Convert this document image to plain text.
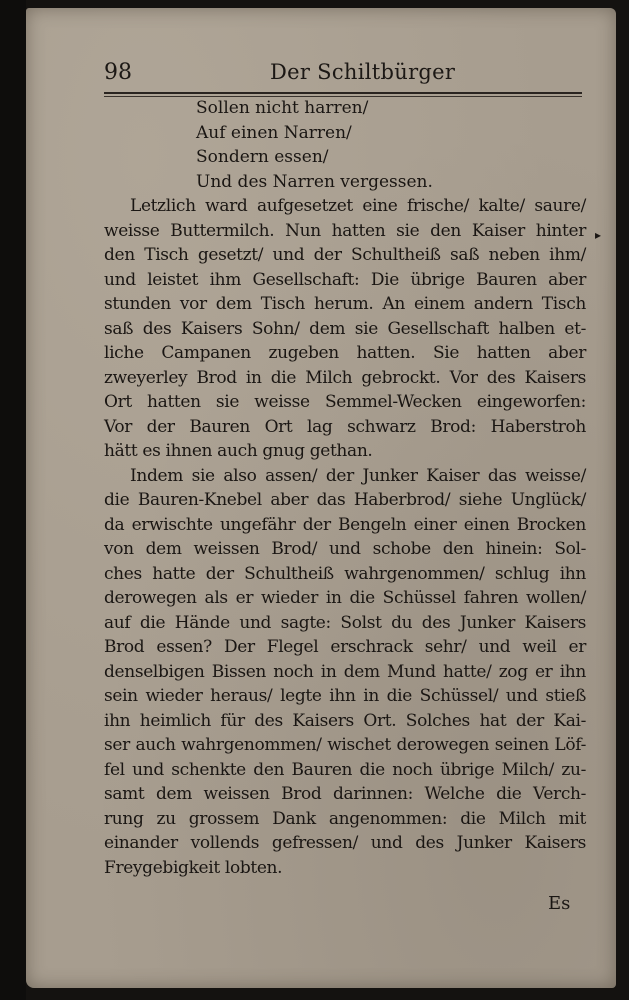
98	Der Schiltbürger
Sollen nicht harren/
Auf einen Narren/
Sondern essen/
Und des Narren vergessen.
Letzlich ward aufgesetzet eine frische/ kalte/ saure/
weisse Buttermilch. Nun hatten sie den Kaiser hinter
den Tisch gesetzt/ und der Schultheiß saß neben ihm/
und leistet ihm Gesellschaft: Die übrige Bauren aber
stunden vor dem Tisch herum. An einem andern Tisch
saß des Kaisers Sohn/ dem sie Gesellschaft halben et-
liche Campanen zugeben hatten. Sie hatten aber
zweyerley Brod in die Milch gebrockt. Vor des Kaisers
Ort hatten sie weisse Semmel-Wecken eingeworfen:
Vor der Bauren Ort lag schwarz Brod: Haberstroh
hätt es ihnen auch gnug gethan.
Indem sie also assen/ der Junker Kaiser das weisse/
die Bauren-Knebel aber das Haberbrod/ siehe Unglück/
da erwischte ungefähr der Bengeln einer einen Brocken
von dem weissen Brod/ und schobe den hinein: Sol-
ches hatte der Schultheiß wahrgenommen/ schlug ihn
derowegen als er wieder in die Schüssel fahren wollen/
auf die Hände und sagte: Solst du des Junker Kaisers
Brod essen? Der Flegel erschrack sehr/ und weil er
denselbigen Bissen noch in dem Mund hatte/ zog er ihn
sein wieder heraus/ legte ihn in die Schüssel/ und stieß
ihn heimlich für des Kaisers Ort. Solches hat der Kai-
ser auch wahrgenommen/ wischet derowegen seinen Löf-
fel und schenkte den Bauren die noch übrige Milch/ zu-
samt dem weissen Brod darinnen: Welche die Verch-
rung zu grossem Dank angenommen: die Milch mit
einander vollends gefressen/ und des Junker Kaisers
Freygebigkeit lobten.
▸
Es
